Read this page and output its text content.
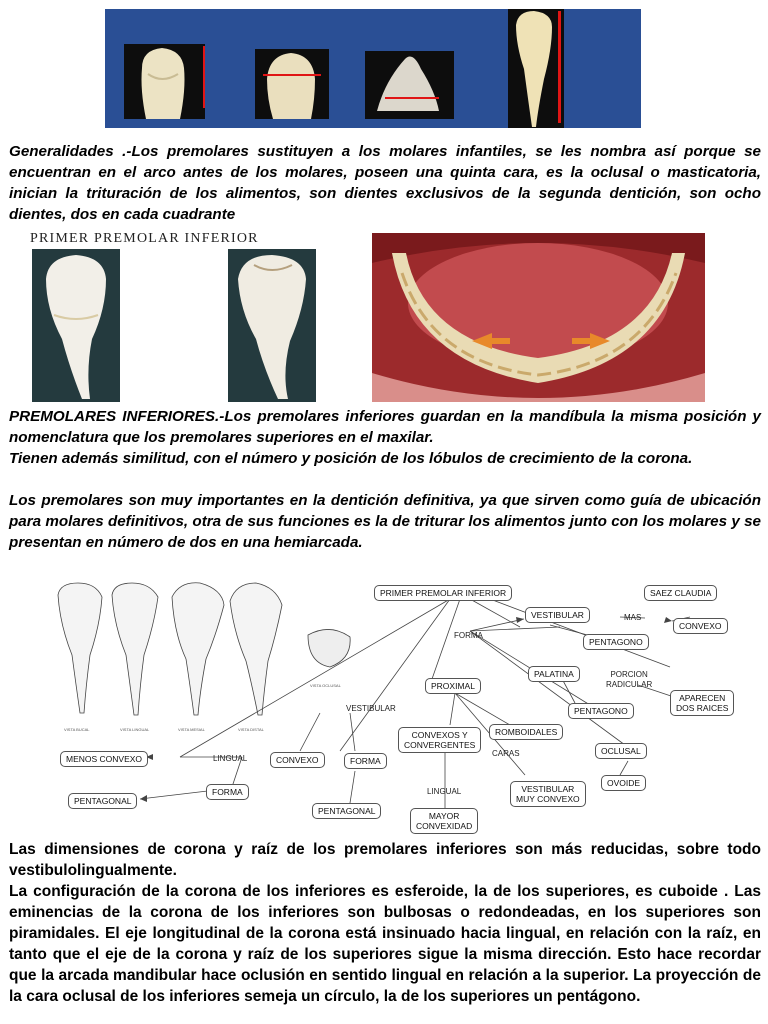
Generalidades .-Los premolares sustituyen a los molares infantiles, se les nombra así porque se encuentran en el arco antes de los molares, poseen una quinta cara, es la oclusal o masticatoria, inician la trituración de los alimentos, son dientes exclusivos de la segunda dentición, son ocho dientes, dos en cada cuadrante
PRIMER PREMOLAR INFERIOR

PREMOLARES INFERIORES.-Los premolares inferiores guardan en la mandíbula la misma posición y nomenclatura que los premolares superiores en el maxilar.

Tienen además similitud, con el número y posición de los lóbulos de crecimiento de la corona.

Los premolares son muy importantes en la dentición definitiva, ya que sirven como guía de ubicación para molares definitivos, otra de sus funciones es la de triturar los alimentos junto con los molares y se presentan en número de dos en una hemiarcada.

VISTA BUCAL	VISTA LINGUAL	VISTA MESIAL	VISTA DISTAL
VISTA OCLUSAL
PRIMER PREMOLAR INFERIOR	SAEZ CLAUDIA
VESTIBULAR	MAS
CONVEXO
FORMA
PENTAGONO
PALATINA	PORCION
RADICULAR
PROXIMAL
APARECEN
DOS RAICES
VESTIBULAR	PENTAGONO
CONVEXOS Y
CONVERGENTES
ROMBOIDALES
OCLUSAL
CARAS
LINGUAL
MENOS CONVEXO	CONVEXO	FORMA
OVOIDE
VESTIBULAR
MUY CONVEXO
LINGUAL
FORMA
PENTAGONAL
PENTAGONAL	MAYOR
CONVEXIDAD

Las dimensiones de corona y raíz de los premolares inferiores son más reducidas, sobre todo vestibulolingualmente.

La configuración de la corona de los inferiores es esferoide, la de los superiores, es cuboide . Las eminencias de la corona de los inferiores son bulbosas o redondeadas, en los superiores son piramidales. El eje longitudinal de la corona está insinuado hacia lingual, en relación con la raíz, en tanto que el eje de la corona y raíz de los superiores sigue la misma dirección. Esto hace recordar que la arcada mandibular hace oclusión en sentido lingual en relación a la superior. La proyección de la cara oclusal de los inferiores semeja un círculo, la de los superiores un pentágono.
